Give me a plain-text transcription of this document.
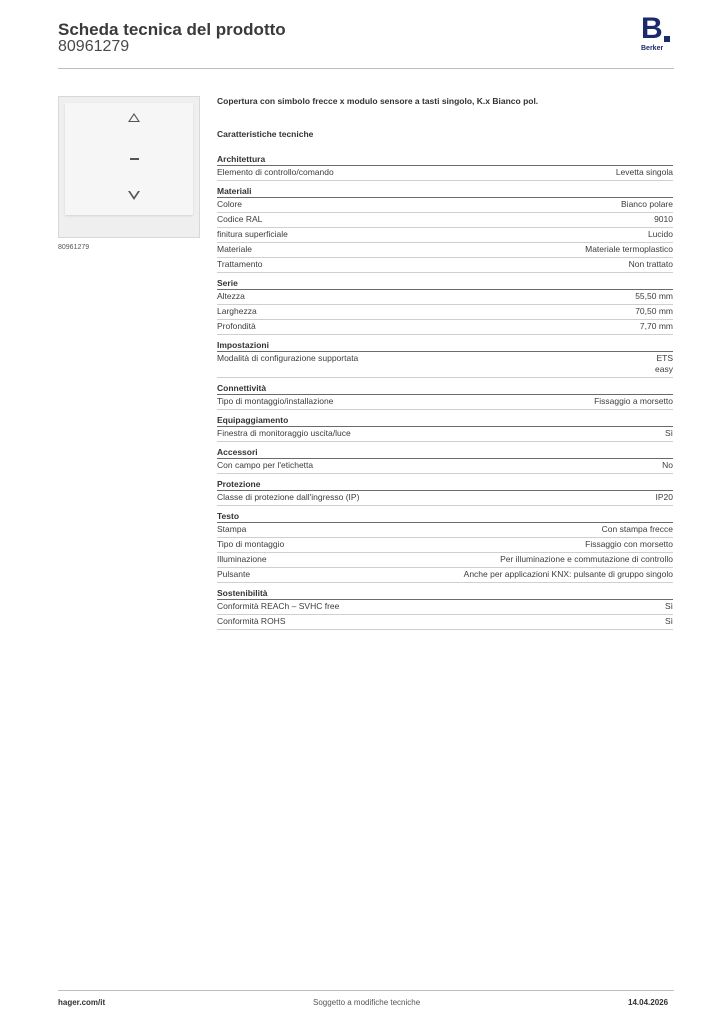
Scheda tecnica del prodotto
80961279
B
Berker
80961279
Copertura con simbolo frecce x modulo sensore a tasti singolo, K.x Bianco pol.
Caratteristiche tecniche
Architettura
Elemento di controllo/comando	Levetta singola
Materiali
Colore	Bianco polare
Codice RAL	9010
finitura superficiale	Lucido
Materiale	Materiale termoplastico
Trattamento	Non trattato
Serie
Altezza	55,50 mm
Larghezza	70,50 mm
Profondità	7,70 mm
Impostazioni
Modalità di configurazione supportata	ETS
easy
Connettività
Tipo di montaggio/installazione	Fissaggio a morsetto
Equipaggiamento
Finestra di monitoraggio uscita/luce	Sì
Accessori
Con campo per l'etichetta	No
Protezione
Classe di protezione dall'ingresso (IP)	IP20
Testo
Stampa	Con stampa frecce
Tipo di montaggio	Fissaggio con morsetto
Illuminazione	Per illuminazione e commutazione di controllo
Pulsante	Anche per applicazioni KNX: pulsante di gruppo singolo
Sostenibilità
Conformità REACh – SVHC free	Sì
Conformità ROHS	Sì
hager.com/it	Soggetto a modifiche tecniche	14.04.2026
